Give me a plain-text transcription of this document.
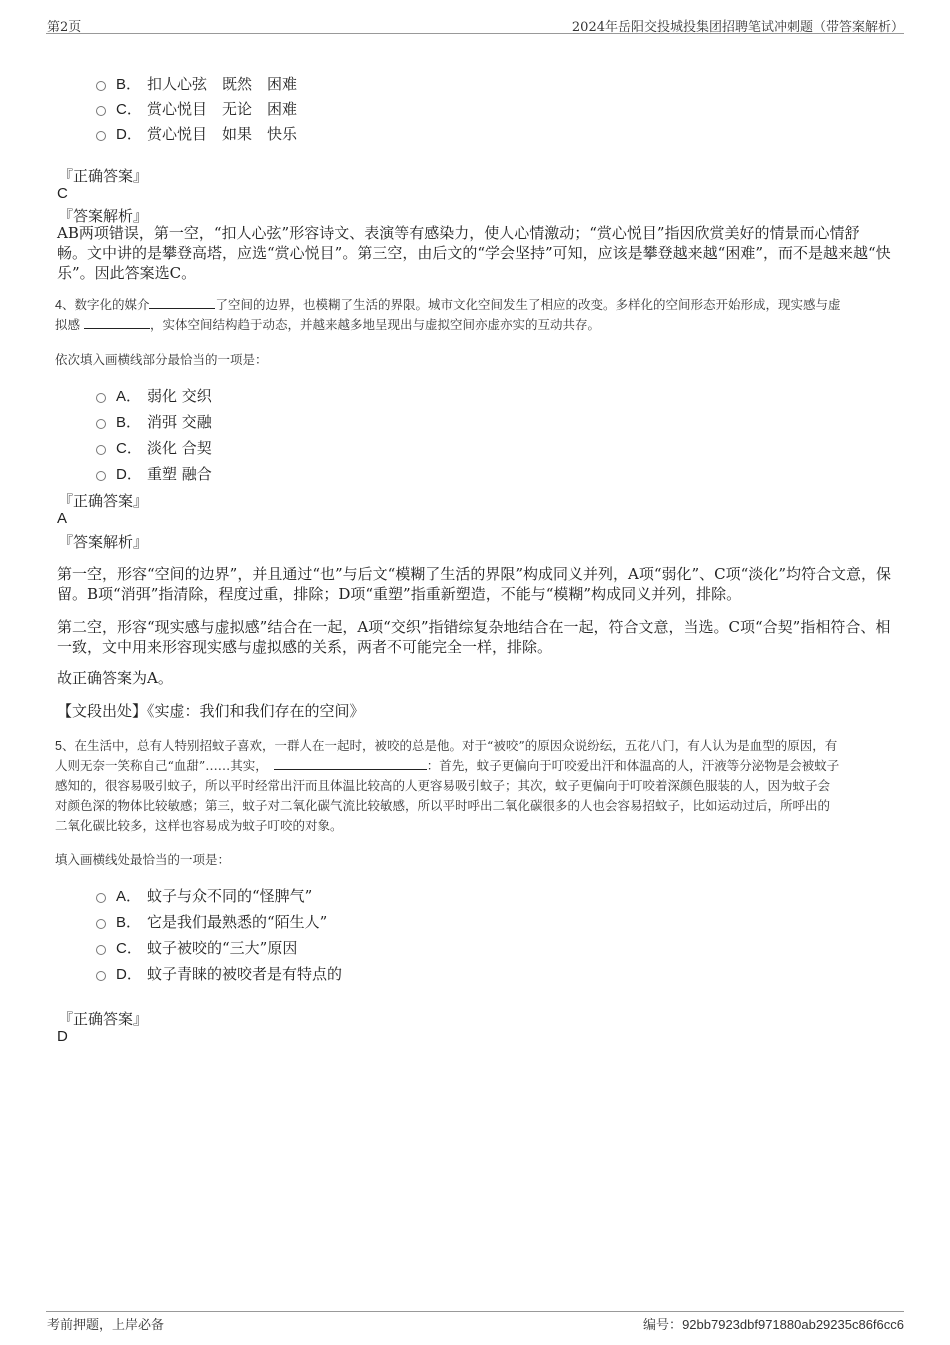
第2页	2024年岳阳交投城投集团招聘笔试冲刺题（带答案解析）
B． 扣人心弦　既然　困难
C． 赏心悦目　无论　困难
D． 赏心悦目　如果　快乐
『正确答案』
C
『答案解析』
AB两项错误，第一空，“扣人心弦”形容诗文、表演等有感染力，使人心情激动；“赏心悦目”指因欣赏美好的情景而心情舒
畅。文中讲的是攀登高塔，应选“赏心悦目”。第三空，由后文的“学会坚持”可知，应该是攀登越来越“困难”，而不是越来越“快
乐”。因此答案选C。
4、数字化的媒介	了空间的边界，也模糊了生活的界限。城市文化空间发生了相应的改变。多样化的空间形态开始形成，现实感与虚
拟感	，实体空间结构趋于动态，并越来越多地呈现出与虚拟空间亦虚亦实的互动共存。
依次填入画横线部分最恰当的一项是：
A． 弱化 交织
B． 消弭 交融
C． 淡化 合契
D． 重塑 融合
『正确答案』
A
『答案解析』
第一空，形容“空间的边界”，并且通过“也”与后文“模糊了生活的界限”构成同义并列，A项“弱化”、C项“淡化”均符合文意，保
留。B项“消弭”指清除，程度过重，排除；D项“重塑”指重新塑造，不能与“模糊”构成同义并列，排除。
第二空，形容“现实感与虚拟感”结合在一起，A项“交织”指错综复杂地结合在一起，符合文意，当选。C项“合契”指相符合、相
一致，文中用来形容现实感与虚拟感的关系，两者不可能完全一样，排除。
故正确答案为A。
【文段出处】《实虚：我们和我们存在的空间》
5、在生活中，总有人特别招蚊子喜欢，一群人在一起时，被咬的总是他。对于“被咬”的原因众说纷纭，五花八门，有人认为是血型的原因，有
人则无奈一笑称自己“血甜”……其实，	：首先，蚊子更偏向于叮咬爱出汗和体温高的人，汗液等分泌物是会被蚊子
感知的，很容易吸引蚊子，所以平时经常出汗而且体温比较高的人更容易吸引蚊子；其次，蚊子更偏向于叮咬着深颜色服装的人，因为蚊子会
对颜色深的物体比较敏感；第三，蚊子对二氧化碳气流比较敏感，所以平时呼出二氧化碳很多的人也会容易招蚊子，比如运动过后，所呼出的
二氧化碳比较多，这样也容易成为蚊子叮咬的对象。
填入画横线处最恰当的一项是：
A． 蚊子与众不同的“怪脾气”
B． 它是我们最熟悉的“陌生人”
C． 蚊子被咬的“三大”原因
D． 蚊子青睐的被咬者是有特点的
『正确答案』
D
考前押题，上岸必备	编号：92bb7923dbf971880ab29235c86f6cc6
